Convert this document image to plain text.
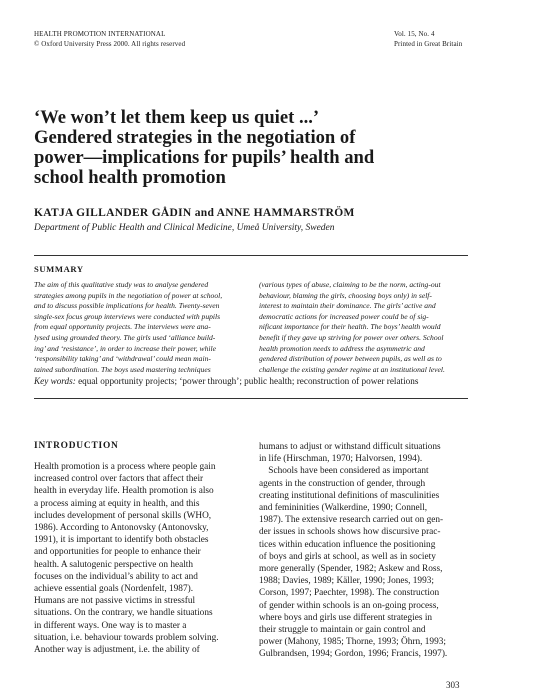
HEALTH PROMOTION INTERNATIONAL
© Oxford University Press 2000. All rights reserved
Vol. 15, No. 4
Printed in Great Britain
‘We won’t let them keep us quiet ...’
Gendered strategies in the negotiation of
power—implications for pupils’ health and
school health promotion
KATJA GILLANDER GÅDIN and ANNE HAMMARSTRÖM
Department of Public Health and Clinical Medicine, Umeå University, Sweden
SUMMARY
The aim of this qualitative study was to analyse gendered
strategies among pupils in the negotiation of power at school,
and to discuss possible implications for health. Twenty-seven
single-sex focus group interviews were conducted with pupils
from equal opportunity projects. The interviews were ana-
lysed using grounded theory. The girls used ‘alliance build-
ing’ and ‘resistance’, in order to increase their power, while
‘responsibility taking’ and ‘withdrawal’ could mean main-
tained subordination. The boys used mastering techniques
(various types of abuse, claiming to be the norm, acting-out
behaviour, blaming the girls, choosing boys only) in self-
interest to maintain their dominance. The girls’ active and
democratic actions for increased power could be of sig-
nificant importance for their health. The boys’ health would
benefit if they gave up striving for power over others. School
health promotion needs to address the asymmetric and
gendered distribution of power between pupils, as well as to
challenge the existing gender regime at an institutional level.
Key words: equal opportunity projects; ‘power through’; public health; reconstruction of power relations
INTRODUCTION
Health promotion is a process where people gain
increased control over factors that affect their
health in everyday life. Health promotion is also
a process aiming at equity in health, and this
includes development of personal skills (WHO,
1986). According to Antonovsky (Antonovsky,
1991), it is important to identify both obstacles
and opportunities for people to enhance their
health. A salutogenic perspective on health
focuses on the individual’s ability to act and
achieve essential goals (Nordenfelt, 1987).
Humans are not passive victims in stressful
situations. On the contrary, we handle situations
in different ways. One way is to master a
situation, i.e. behaviour towards problem solving.
Another way is adjustment, i.e. the ability of
humans to adjust or withstand difficult situations
in life (Hirschman, 1970; Halvorsen, 1994).
Schools have been considered as important
agents in the construction of gender, through
creating institutional definitions of masculinities
and femininities (Walkerdine, 1990; Connell,
1987). The extensive research carried out on gen-
der issues in schools shows how discursive prac-
tices within education influence the positioning
of boys and girls at school, as well as in society
more generally (Spender, 1982; Askew and Ross,
1988; Davies, 1989; Käller, 1990; Jones, 1993;
Corson, 1997; Paechter, 1998). The construction
of gender within schools is an on-going process,
where boys and girls use different strategies in
their struggle to maintain or gain control and
power (Mahony, 1985; Thorne, 1993; Öhrn, 1993;
Gulbrandsen, 1994; Gordon, 1996; Francis, 1997).
303
